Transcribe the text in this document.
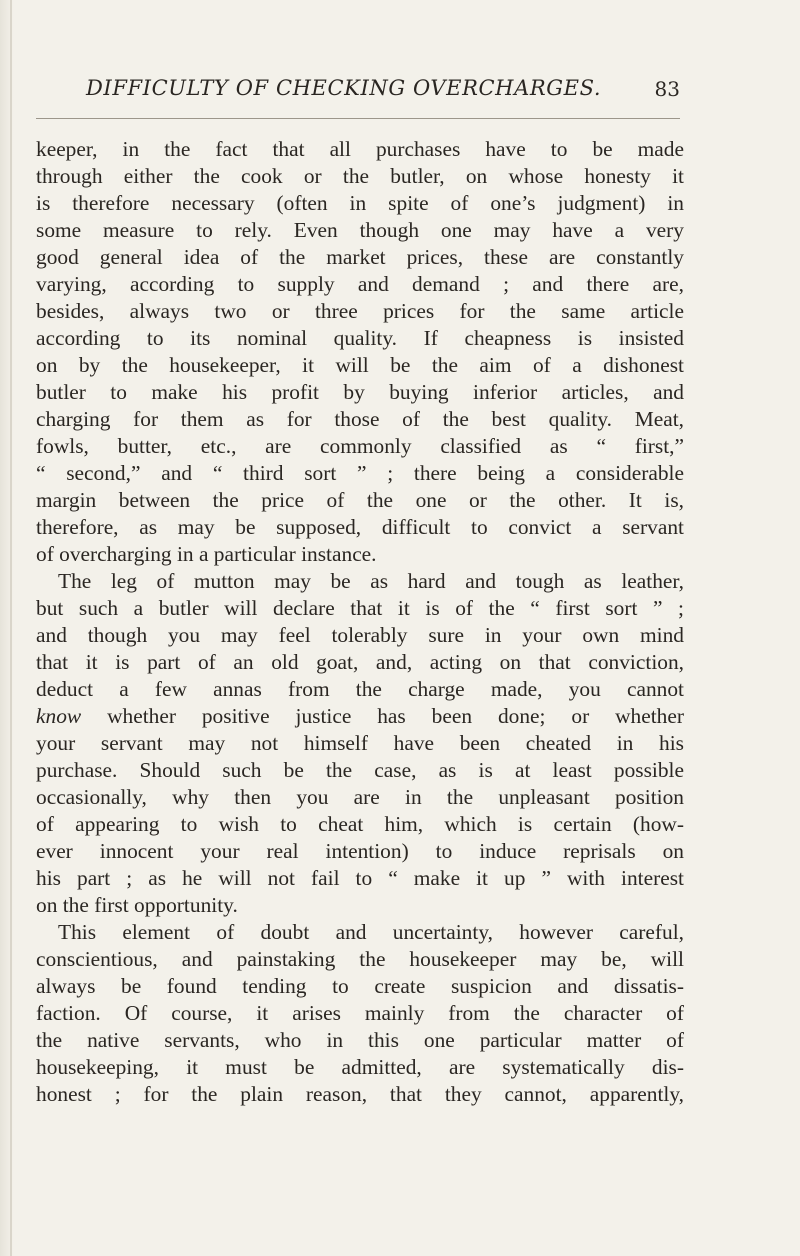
DIFFICULTY OF CHECKING OVERCHARGES.	83
keeper, in the fact that all purchases have to be made
through either the cook or the butler, on whose honesty it
is therefore necessary (often in spite of one’s judgment) in
some measure to rely. Even though one may have a very
good general idea of the market prices, these are constantly
varying, according to supply and demand ; and there are,
besides, always two or three prices for the same article
according to its nominal quality. If cheapness is insisted
on by the housekeeper, it will be the aim of a dishonest
butler to make his profit by buying inferior articles, and
charging for them as for those of the best quality. Meat,
fowls, butter, etc., are commonly classified as “ first,”
“ second,” and “ third sort ” ; there being a considerable
margin between the price of the one or the other. It is,
therefore, as may be supposed, difficult to convict a servant
of overcharging in a particular instance.
The leg of mutton may be as hard and tough as leather,
but such a butler will declare that it is of the “ first sort ” ;
and though you may feel tolerably sure in your own mind
that it is part of an old goat, and, acting on that conviction,
deduct a few annas from the charge made, you cannot
know whether positive justice has been done; or whether
your servant may not himself have been cheated in his
purchase. Should such be the case, as is at least possible
occasionally, why then you are in the unpleasant position
of appearing to wish to cheat him, which is certain (how-
ever innocent your real intention) to induce reprisals on
his part ; as he will not fail to “ make it up ” with interest
on the first opportunity.
This element of doubt and uncertainty, however careful,
conscientious, and painstaking the housekeeper may be, will
always be found tending to create suspicion and dissatis-
faction. Of course, it arises mainly from the character of
the native servants, who in this one particular matter of
housekeeping, it must be admitted, are systematically dis-
honest ; for the plain reason, that they cannot, apparently,
